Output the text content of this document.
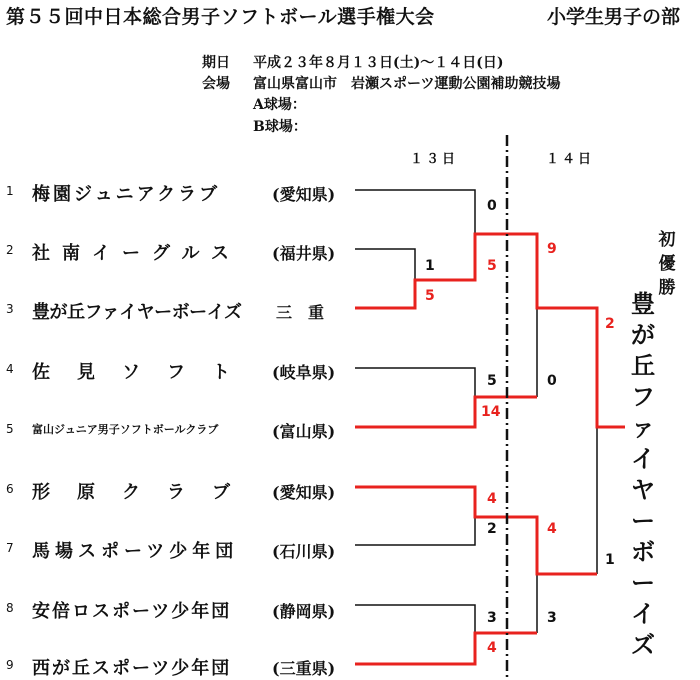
第５５回中日本総合男子ソフトボール選手権大会	小学生男子の部
期日 平成２３年８月１３日(土)〜１４日(日)
会場 富山県富山市　岩瀬スポーツ運動公園補助競技場
A球場：
B球場：
１３日	１４日
1 梅園ジュニアクラブ	(愛知県)
2 社南イーグルス (福井県)
3 豊が丘ファイヤーボーイズ 三　重
4 佐見ソフト (岐阜県)
5 富山ジュニア男子ソフトボールクラブ	(富山県)
6 形原クラブ (愛知県)
7 馬場スポーツ少年団 (石川県)
8 安倍ロスポーツ少年団	(静岡県)
9 西が丘スポーツ少年団	(三重県)
1
5
0
5
5
14
4
2
3
4
9
0
4
3
2
1
初優勝
豊が丘ファイヤーボーイズ
